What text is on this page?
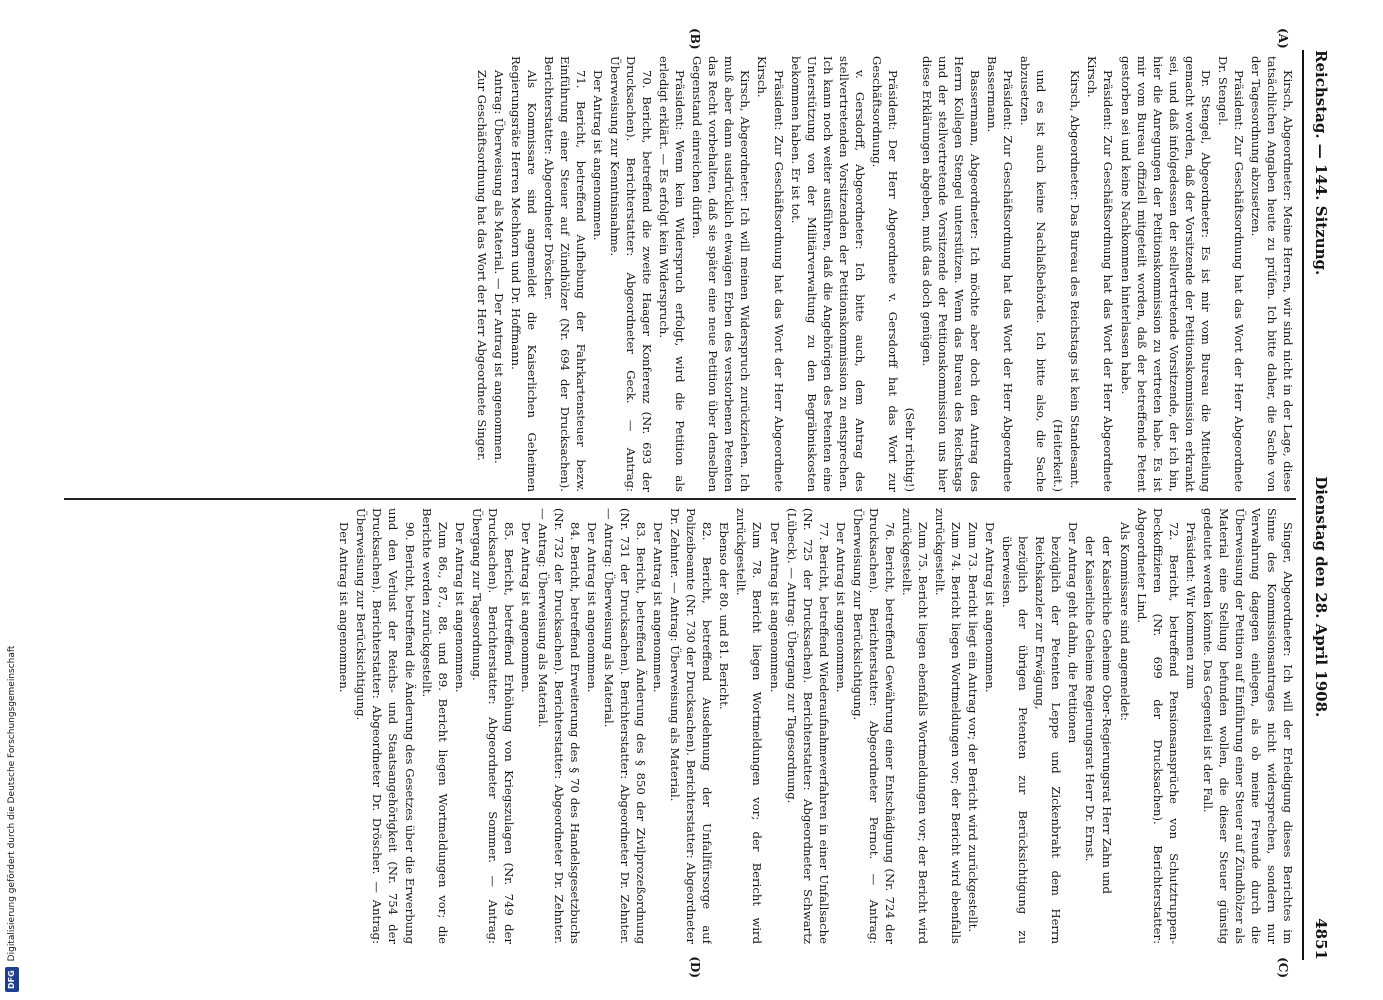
Reichstag. — 144. Sitzung.
Dienstag den 28. April 1908.
4851
(A)
(B)
(C)
(D)

Kirsch, Abgeordneter: Meine Herren, wir sind nicht in der Lage, diese tatsächlichen Angaben heute zu prüfen. Ich bitte daher, die Sache von der Tagesordnung abzusetzen.

Präsident: Zur Geschäftsordnung hat das Wort der Herr Abgeordnete Dr. Stengel.

Dr. Stengel, Abgeordneter: Es ist mir vom Bureau die Mitteilung gemacht worden, daß der Vorsitzende der Petitionskommission erkrankt sei, und daß infolgedessen der stellvertretende Vorsitzende, der ich bin, hier die Anregungen der Petitionskommission zu vertreten habe. Es ist mir vom Bureau offiziell mitgeteilt worden, daß der betreffende Petent gestorben sei und keine Nachkommen hinterlassen habe.

Präsident: Zur Geschäftsordnung hat das Wort der Herr Abgeordnete Kirsch.

Kirsch, Abgeordneter: Das Bureau des Reichstags ist kein Standesamt.

(Heiterkeit.)

und es ist auch keine Nachlaßbehörde. Ich bitte also, die Sache abzusetzen.

Präsident: Zur Geschäftsordnung hat das Wort der Herr Abgeordnete Bassermann.

Bassermann, Abgeordneter: Ich möchte aber doch den Antrag des Herrn Kollegen Stengel unterstützen. Wenn das Bureau des Reichstags und der stellvertretende Vorsitzende der Petitionskommission uns hier diese Erklärungen abgeben, muß das doch genügen.

(Sehr richtig!)

Präsident: Der Herr Abgeordnete v. Gersdorff hat das Wort zur Geschäftsordnung.

v. Gersdorff, Abgeordneter: Ich bitte auch, dem Antrag des stellvertretenden Vorsitzenden der Petitionskommission zu entsprechen. Ich kann noch weiter ausführen, daß die Angehörigen des Petenten eine Unterstützung von der Militärverwaltung zu den Begräbniskosten bekommen haben. Er ist tot.

Präsident: Zur Geschäftsordnung hat das Wort der Herr Abgeordnete Kirsch.

Kirsch, Abgeordneter: Ich will meinen Widerspruch zurückziehen. Ich muß aber dann ausdrücklich etwaigen Erben des verstorbenen Petenten das Recht vorbehalten, daß sie später eine neue Petition über denselben Gegenstand einreichen dürfen.

Präsident: Wenn kein Widerspruch erfolgt, wird die Petition als erledigt erklärt. — Es erfolgt kein Widerspruch.

70. Bericht, betreffend die zweite Haager Konferenz (Nr. 693 der Drucksachen). Berichterstatter: Abgeordneter Geck. — Antrag: Überweisung zur Kenntnisnahme.

Der Antrag ist angenommen.

71. Bericht, betreffend Aufhebung der Fahrkartensteuer bezw. Einführung einer Steuer auf Zündhölzer (Nr. 694 der Drucksachen). Berichterstatter: Abgeordneter Dröscher.

Als Kommissare sind angemeldet die Kaiserlichen Geheimen Regierungsräte Herren Mechhorn und Dr. Hoffmann.

Antrag: Überweisung als Material. — Der Antrag ist angenommen.

Zur Geschäftsordnung hat das Wort der Herr Abgeordnete Singer.

Singer, Abgeordneter: Ich will der Erledigung dieses Berichtes im Sinne des Kommissionsantrages nicht widersprechen, sondern nur Verwahrung dagegen einlegen, als ob meine Freunde durch die Überweisung der Petition auf Einführung einer Steuer auf Zündhölzer als Material eine Stellung befunden wollen, die dieser Steuer günstig gedeutet werden könnte. Das Gegenteil ist der Fall.

Präsident: Wir kommen zum

72. Bericht, betreffend Pensionsansprüche von Schutztruppen-Deckoffizieren (Nr. 699 der Drucksachen). Berichterstatter: Abgeordneter Lind.

Als Kommissare sind angemeldet:

der Kaiserliche Geheime Ober-Regierungsrat Herr Zahn und

der Kaiserliche Geheime Regierungsrat Herr Dr. Ernst.

Der Antrag geht dahin, die Petitionen

bezüglich der Petenten Leppe und Zickenbraht dem Herrn Reichskanzler zur Erwägung,

bezüglich der übrigen Petenten zur Berücksichtigung zu überweisen.

Der Antrag ist angenommen.

Zum 73. Bericht liegt ein Antrag vor; der Bericht wird zurückgestellt.

Zum 74. Bericht liegen Wortmeldungen vor; der Bericht wird ebenfalls zurückgestellt.

Zum 75. Bericht liegen ebenfalls Wortmeldungen vor; der Bericht wird zurückgestellt.

76. Bericht, betreffend Gewährung einer Entschädigung (Nr. 724 der Drucksachen). Berichterstatter: Abgeordneter Pernot. — Antrag: Überweisung zur Berücksichtigung.

Der Antrag ist angenommen.

77. Bericht, betreffend Wiederaufnahmeverfahren in einer Unfallsache (Nr. 725 der Drucksachen). Berichterstatter: Abgeordneter Schwartz (Lübeck). — Antrag: Übergang zur Tagesordnung.

Der Antrag ist angenommen.

Zum 78. Bericht liegen Wortmeldungen vor; der Bericht wird zurückgestellt.

Ebenso der 80. und 81. Bericht.

82. Bericht, betreffend Ausdehnung der Unfallfürsorge auf Polizeibeamte (Nr. 730 der Drucksachen). Berichterstatter: Abgeordneter Dr. Zehnter. — Antrag: Überweisung als Material.

Der Antrag ist angenommen.

83. Bericht, betreffend Änderung des § 850 der Zivilprozeßordnung (Nr. 731 der Drucksachen). Berichterstatter: Abgeordneter Dr. Zehnter. — Antrag: Überweisung als Material.

Der Antrag ist angenommen.

84. Bericht, betreffend Erweiterung des § 70 des Handelsgesetzbuchs (Nr. 732 der Drucksachen). Berichterstatter: Abgeordneter Dr. Zehnter. — Antrag: Überweisung als Material.

Der Antrag ist angenommen.

85. Bericht, betreffend Erhöhung von Kriegszulagen (Nr. 749 der Drucksachen). Berichterstatter: Abgeordneter Sommer. — Antrag: Übergang zur Tagesordnung.

Der Antrag ist angenommen.

Zum 86., 87., 88. und 89. Bericht liegen Wortmeldungen vor; die Berichte werden zurückgestellt.

90. Bericht, betreffend die Änderung des Gesetzes über die Erwerbung und den Verlust der Reichs- und Staatsangehörigkeit (Nr. 754 der Drucksachen). Berichterstatter: Abgeordneter Dr. Dröscher. — Antrag: Überweisung zur Berücksichtigung.

Der Antrag ist angenommen.

DFG
Digitalisierung gefördert durch die Deutsche Forschungsgemeinschaft
